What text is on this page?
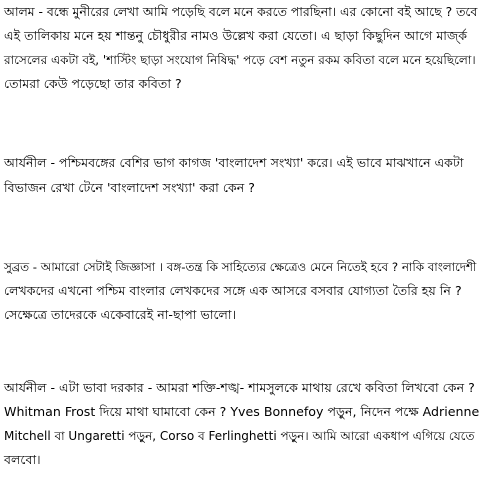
আলম - বন্ধে মুনীরের লেখা আমি পড়েছি বলে মনে করতে পারছিনা। এর কোনো বই আছে ? তবে
এই তালিকায় মনে হয় শান্তনু চৌধুরীর নামও উল্লেখ করা যেতো। এ ছাড়া কিছুদিন আগে মার্জ্ক
রাসেলের একটা বই, 'শাস্টিং ছাড়া সংযোগ নিষিদ্ধ' পড়ে বেশ নতুন রকম কবিতা বলে মনে হয়েছিলো।
তোমরা কেউ পড়েছো তার কবিতা ?
আর্যনীল - পশ্চিমবঙ্গের বেশির ভাগ কাগজ 'বাংলাদেশ সংখ্যা' করে। এই ভাবে মাঝখানে একটা
বিভাজন রেখা টেনে 'বাংলাদেশ সংখ্যা' করা কেন ?
সুব্রত - আমারো সেটাই জিজ্ঞাসা । বঙ্গ-তন্ত্র কি সাহিত্যের ক্ষেত্রেও মেনে নিতেই হবে ? নাকি বাংলাদেশী
লেখকদের এখনো পশ্চিম বাংলার লেখকদের সঙ্গে এক আসরে বসবার যোগ্যতা তৈরি হয় নি ?
সেক্ষেত্রে তাদেরকে একেবারেই না-ছাপা ভালো।
আর্যনীল - এটা ভাবা দরকার - আমরা শক্তি-শঙ্খ- শামসুলকে মাথায় রেখে কবিতা লিখবো কেন ?
Whitman Frost দিয়ে মাথা ঘামাবো কেন ? Yves Bonnefoy পড়ুন, নিদেন পক্ষে Adrienne
Mitchell বা Ungaretti পড়ুন, Corso ব Ferlinghetti পড়ুন। আমি আরো একধাপ এগিয়ে যেতে
বলবো।
